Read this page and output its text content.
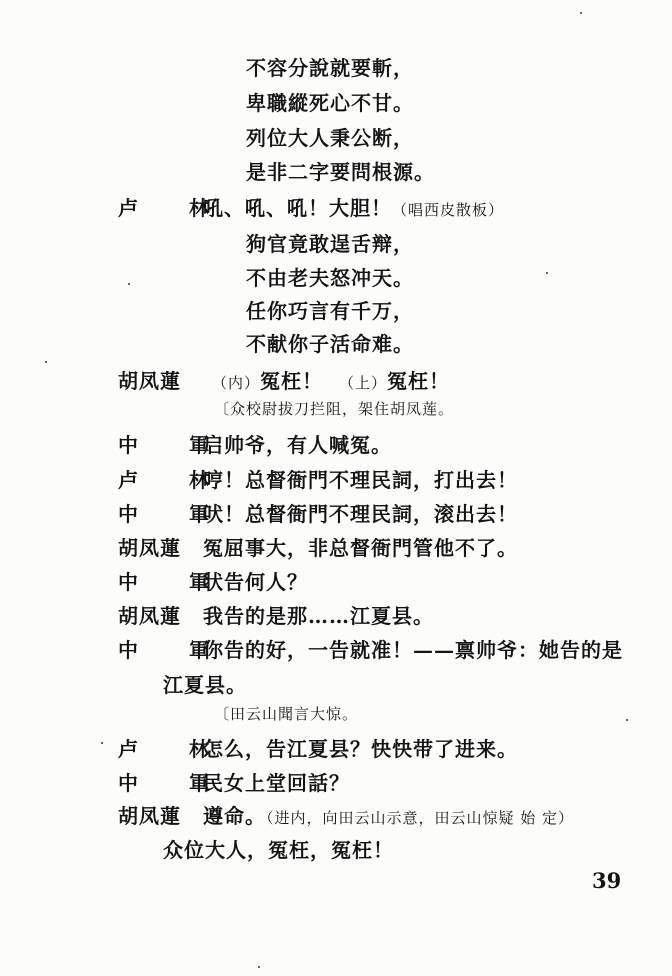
不容分說就要斬，
卑職縱死心不甘。
列位大人秉公断，
是非二字要問根源。
卢 林
吼、吼、吼！大胆！（唱西皮散板）
狗官竟敢逞舌辩，
不由老夫怒冲天。
任你巧言有千万，
不献你子活命难。
胡凤蓮 （内）冤枉！ （上）冤枉！
〔众校尉拔刀拦阻，架住胡凤莲。
中 軍
启帅爷，有人喊冤。
卢 林
哼！总督衙門不理民詞，打出去！
中 軍
吠！总督衙門不理民詞，滚出去！
胡凤蓮 冤屈事大，非总督衙門管他不了。
中 軍
状告何人？
胡凤蓮 我告的是那……江夏县。
中 軍
你告的好，一告就准！——禀帅爷：她告的是
江夏县。
〔田云山聞言大惊。
卢 林
怎么，告江夏县？快快带了进来。
中 軍
民女上堂回話？
胡凤蓮 遵命。（进内，向田云山示意，田云山惊疑 始 定）
众位大人，冤枉，冤枉！
39
